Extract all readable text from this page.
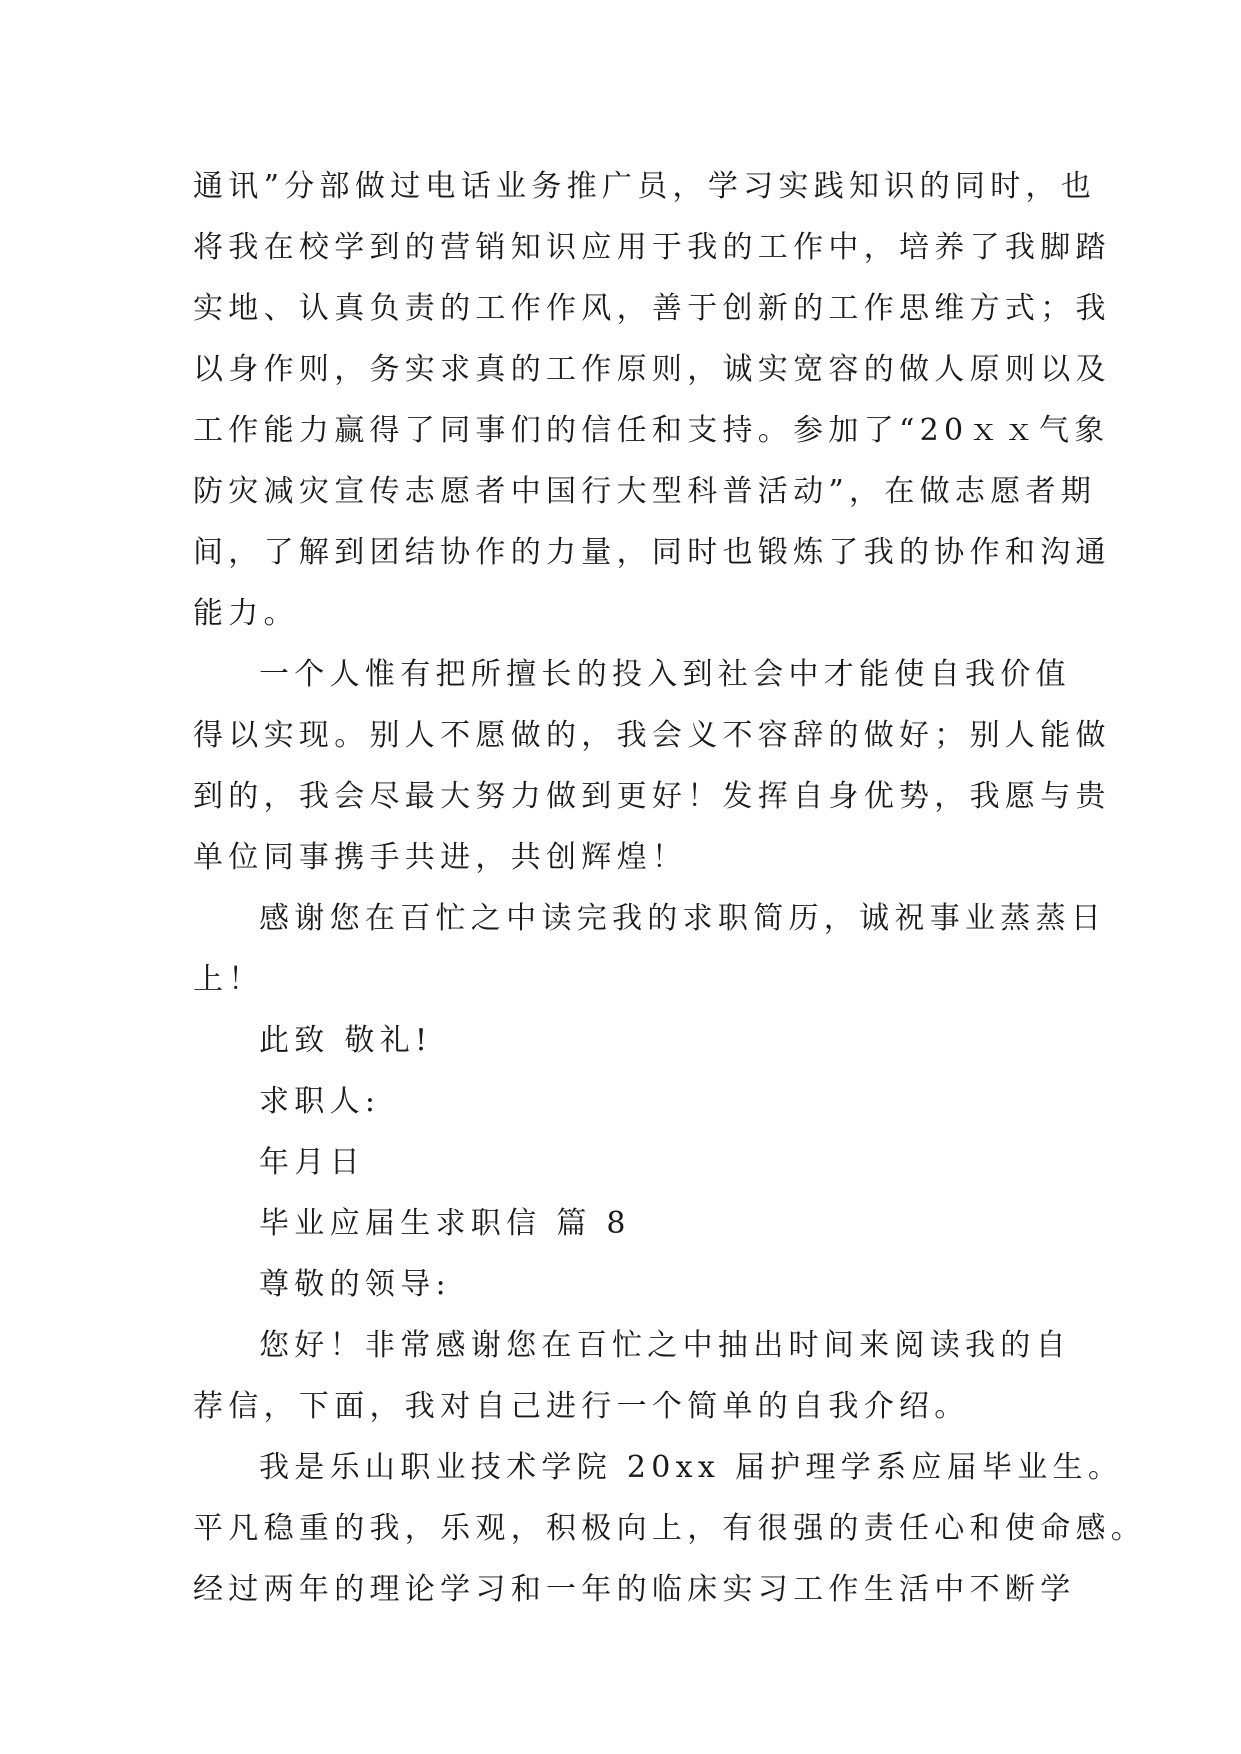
通讯”分部做过电话业务推广员，学习实践知识的同时，也
将我在校学到的营销知识应用于我的工作中，培养了我脚踏
实地、认真负责的工作作风，善于创新的工作思维方式；我
以身作则，务实求真的工作原则，诚实宽容的做人原则以及
工作能力赢得了同事们的信任和支持。参加了“20ｘｘ气象
防灾减灾宣传志愿者中国行大型科普活动”，在做志愿者期
间，了解到团结协作的力量，同时也锻炼了我的协作和沟通
能力。
一个人惟有把所擅长的投入到社会中才能使自我价值
得以实现。别人不愿做的，我会义不容辞的做好；别人能做
到的，我会尽最大努力做到更好！发挥自身优势，我愿与贵
单位同事携手共进，共创辉煌！
感谢您在百忙之中读完我的求职简历，诚祝事业蒸蒸日
上！
此致 敬礼!
求职人:
年月日
毕业应届生求职信 篇 8
尊敬的领导:
您好！非常感谢您在百忙之中抽出时间来阅读我的自
荐信，下面，我对自己进行一个简单的自我介绍。
我是乐山职业技术学院 20xx 届护理学系应届毕业生。
平凡稳重的我，乐观，积极向上，有很强的责任心和使命感。
经过两年的理论学习和一年的临床实习工作生活中不断学
